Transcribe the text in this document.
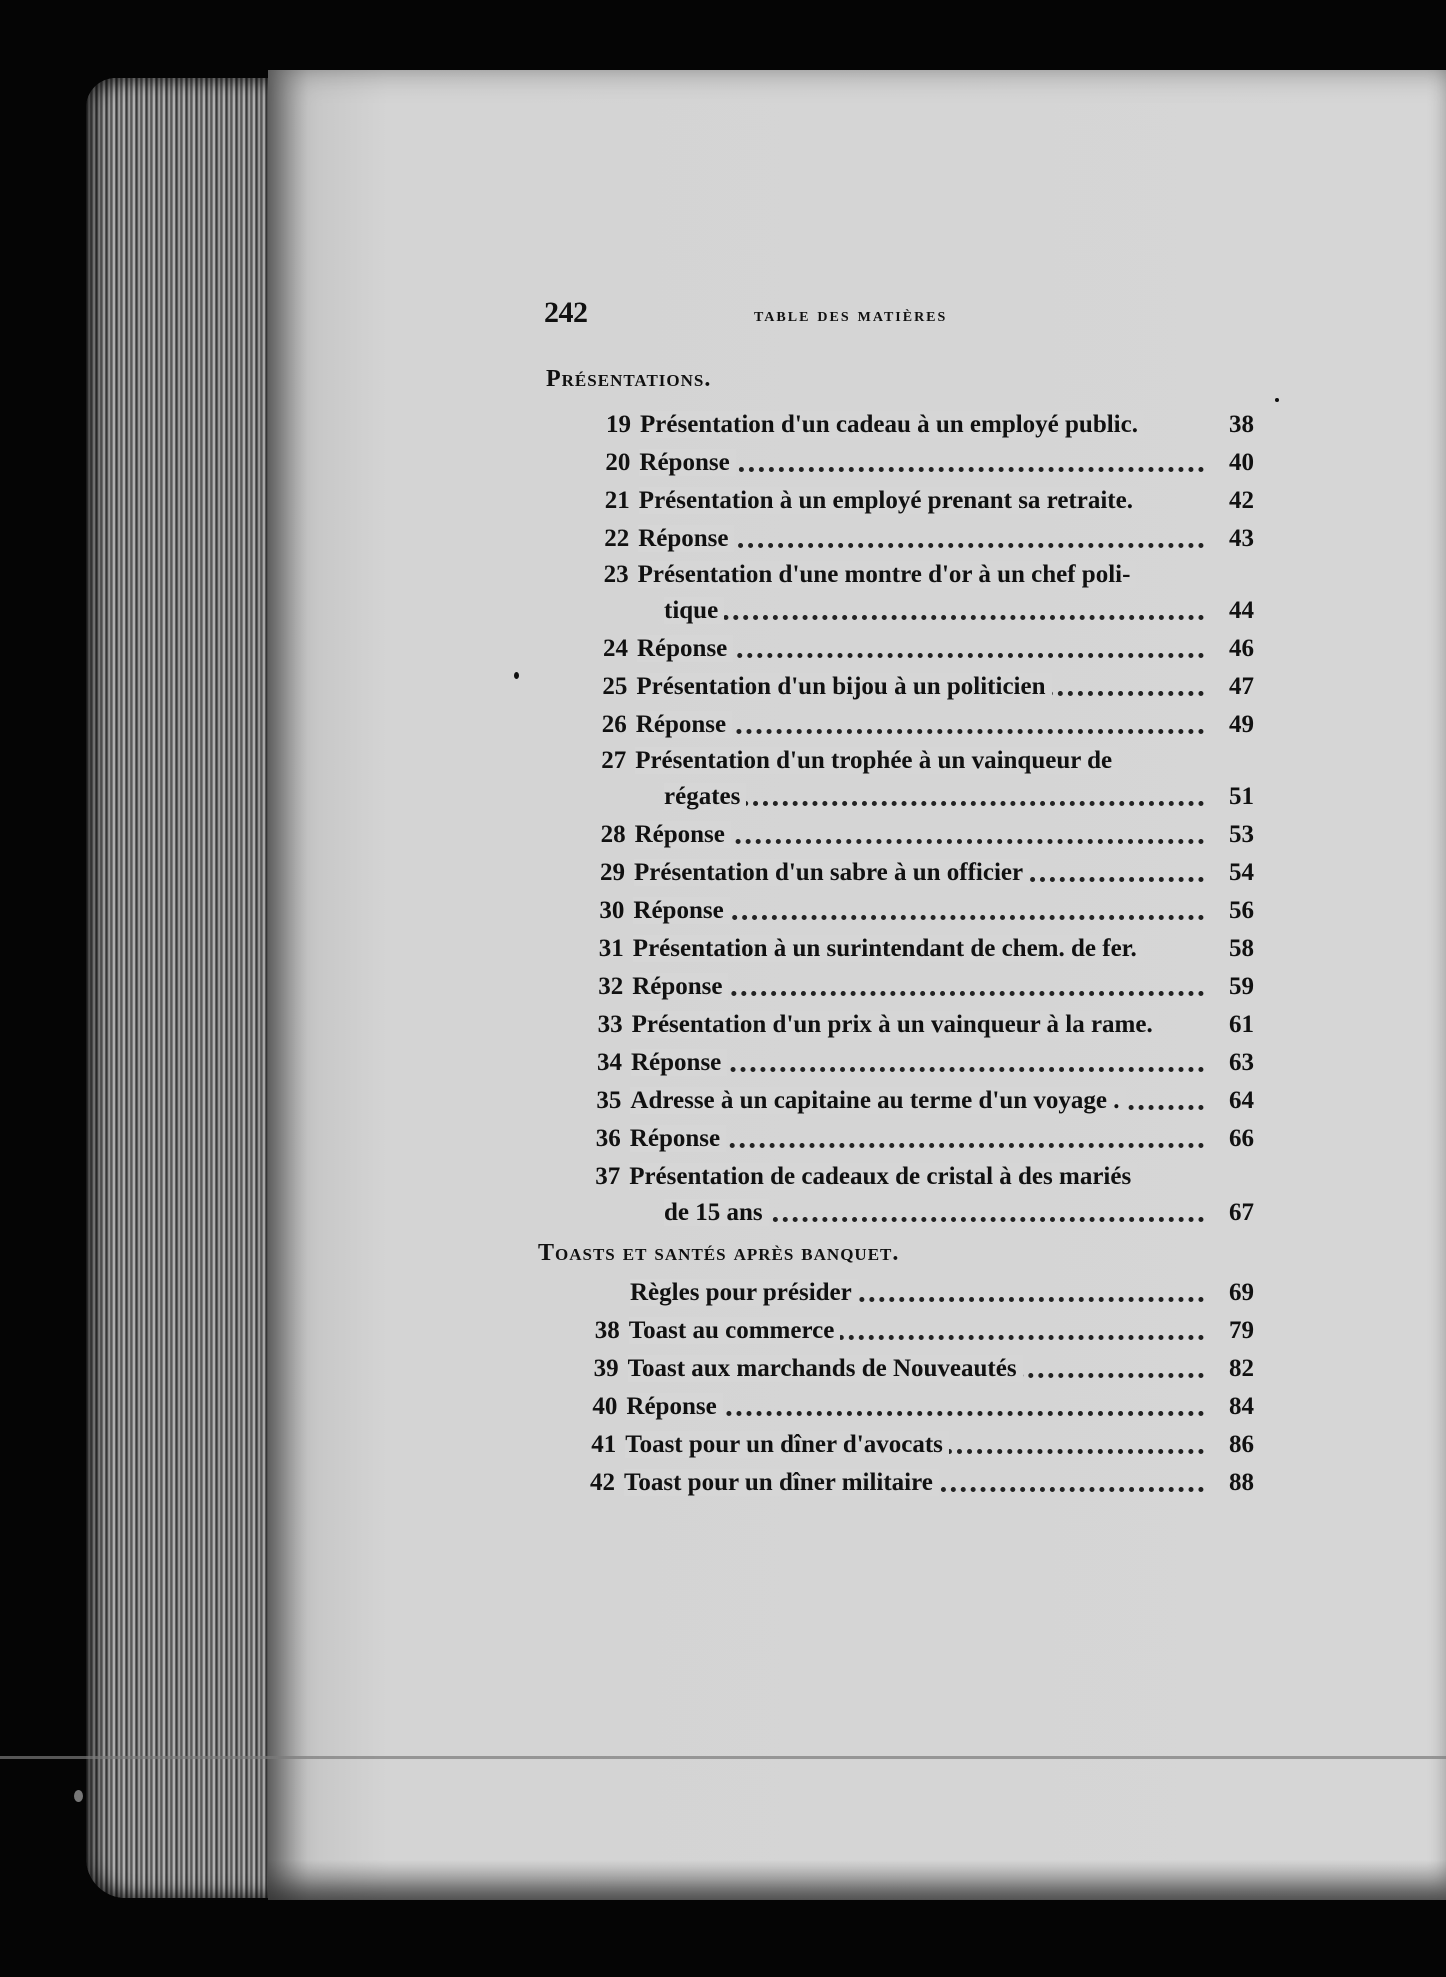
242	table des matières
Présentations.
19 Présentation d'un cadeau à un employé public.	38
20 Réponse	40
21 Présentation à un employé prenant sa retraite.	42
22 Réponse	43
23 Présentation d'une montre d'or à un chef poli-
tique	44
24 Réponse	46
25 Présentation d'un bijou à un politicien	47
26 Réponse	49
27 Présentation d'un trophée à un vainqueur de
régates	51
28 Réponse	53
29 Présentation d'un sabre à un officier	54
30 Réponse	56
31 Présentation à un surintendant de chem. de fer.	58
32 Réponse	59
33 Présentation d'un prix à un vainqueur à la rame.	61
34 Réponse	63
35 Adresse à un capitaine au terme d'un voyage .	64
36 Réponse	66
37 Présentation de cadeaux de cristal à des mariés
de 15 ans	67
Toasts et santés après banquet.
Règles pour présider	69
38 Toast au commerce	79
39 Toast aux marchands de Nouveautés	82
40 Réponse	84
41 Toast pour un dîner d'avocats	86
42 Toast pour un dîner militaire	88
